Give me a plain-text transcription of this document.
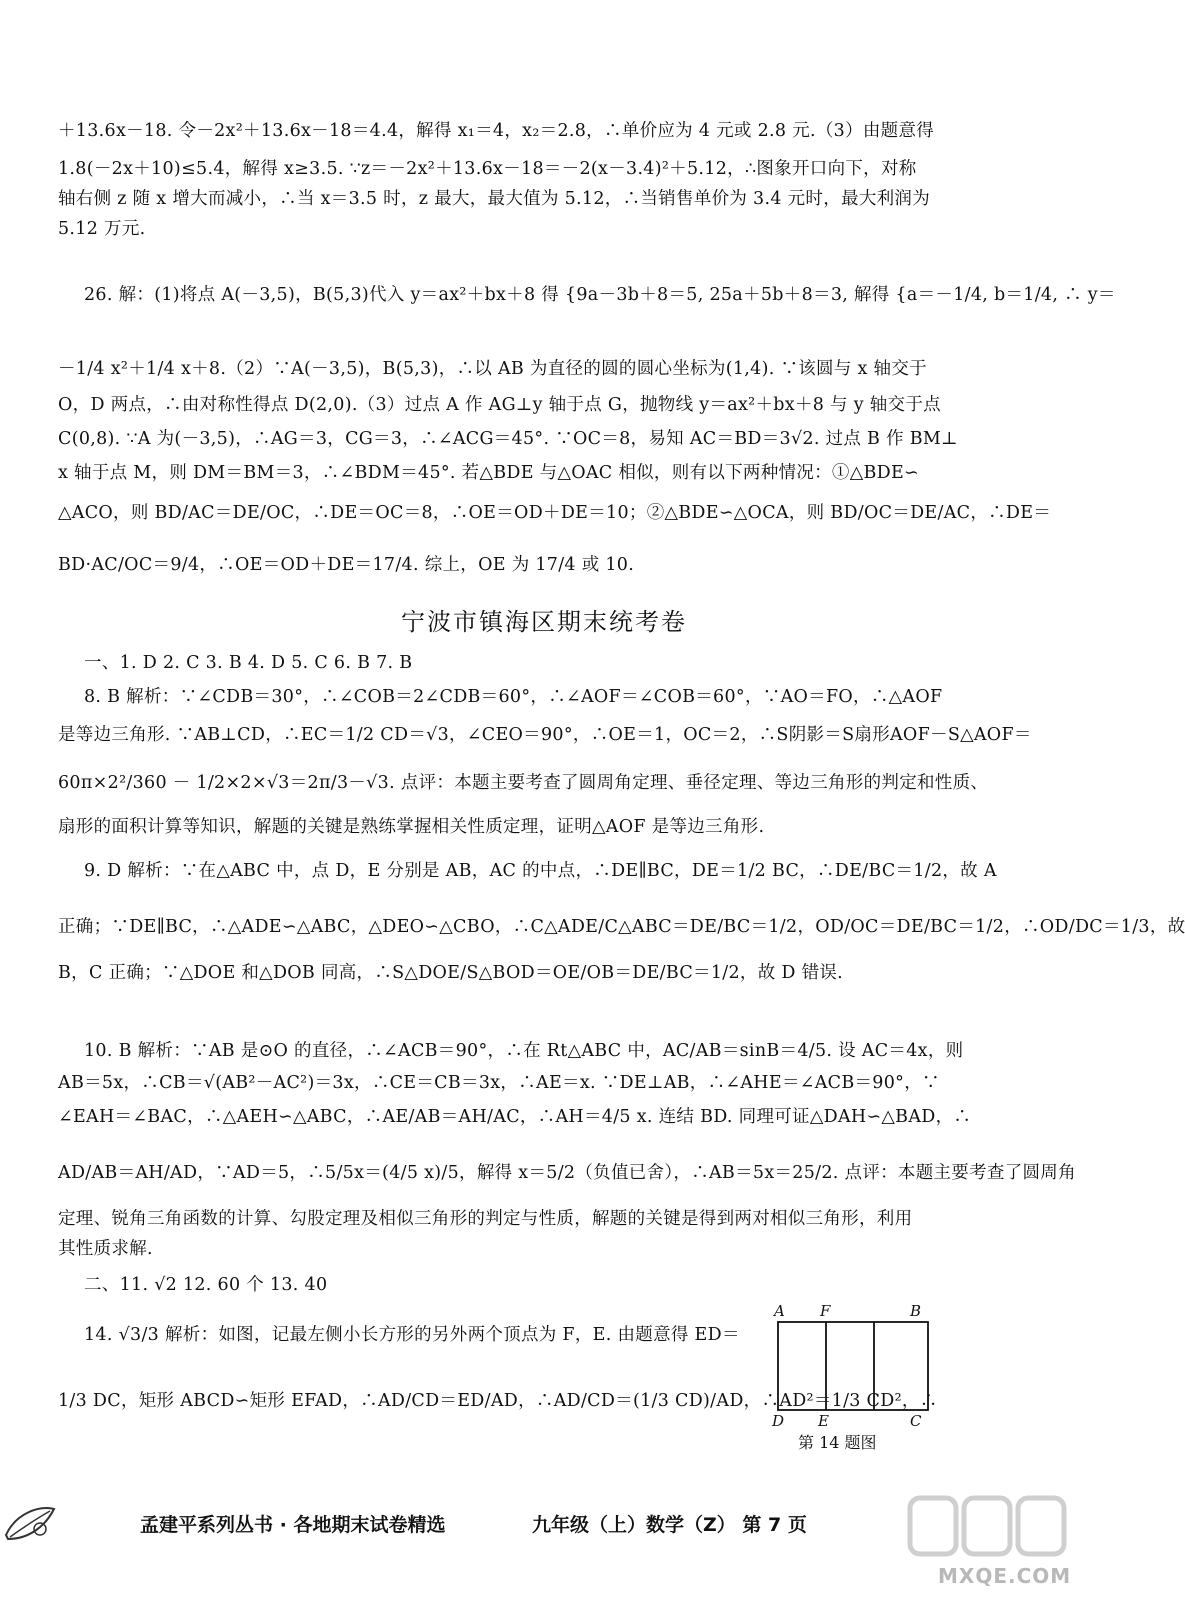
＋13.6x－18. 令－2x²＋13.6x－18＝4.4，解得 x₁＝4，x₂＝2.8，∴单价应为 4 元或 2.8 元.（3）由题意得
1.8(－2x＋10)≤5.4，解得 x≥3.5. ∵z＝－2x²＋13.6x－18＝－2(x－3.4)²＋5.12，∴图象开口向下，对称
轴右侧 z 随 x 增大而减小，∴当 x＝3.5 时，z 最大，最大值为 5.12，∴当销售单价为 3.4 元时，最大利润为
5.12 万元.
26. 解：(1)将点 A(－3,5)，B(5,3)代入 y＝ax²＋bx＋8 得 {9a－3b＋8＝5, 25a＋5b＋8＝3, 解得 {a＝－1/4, b＝1/4, ∴ y＝
－1/4 x²＋1/4 x＋8.（2）∵A(－3,5)，B(5,3)，∴以 AB 为直径的圆的圆心坐标为(1,4). ∵该圆与 x 轴交于
O，D 两点，∴由对称性得点 D(2,0).（3）过点 A 作 AG⊥y 轴于点 G，抛物线 y＝ax²＋bx＋8 与 y 轴交于点
C(0,8). ∵A 为(－3,5)，∴AG＝3，CG＝3，∴∠ACG＝45°. ∵OC＝8，易知 AC＝BD＝3√2. 过点 B 作 BM⊥
x 轴于点 M，则 DM＝BM＝3，∴∠BDM＝45°. 若△BDE 与△OAC 相似，则有以下两种情况：①△BDE∽
△ACO，则 BD/AC＝DE/OC，∴DE＝OC＝8，∴OE＝OD＋DE＝10；②△BDE∽△OCA，则 BD/OC＝DE/AC，∴DE＝
BD·AC/OC＝9/4，∴OE＝OD＋DE＝17/4. 综上，OE 为 17/4 或 10.
宁波市镇海区期末统考卷
一、1. D 2. C 3. B 4. D 5. C 6. B 7. B
8. B 解析：∵∠CDB＝30°，∴∠COB＝2∠CDB＝60°，∴∠AOF＝∠COB＝60°，∵AO＝FO，∴△AOF
是等边三角形. ∵AB⊥CD，∴EC＝1/2 CD＝√3，∠CEO＝90°，∴OE＝1，OC＝2，∴S阴影＝S扇形AOF－S△AOF＝
60π×2²/360 － 1/2×2×√3＝2π/3－√3. 点评：本题主要考查了圆周角定理、垂径定理、等边三角形的判定和性质、
扇形的面积计算等知识，解题的关键是熟练掌握相关性质定理，证明△AOF 是等边三角形.
9. D 解析：∵在△ABC 中，点 D，E 分别是 AB，AC 的中点，∴DE∥BC，DE＝1/2 BC，∴DE/BC＝1/2，故 A
正确；∵DE∥BC，∴△ADE∽△ABC，△DEO∽△CBO，∴C△ADE/C△ABC＝DE/BC＝1/2，OD/OC＝DE/BC＝1/2，∴OD/DC＝1/3，故
B，C 正确；∵△DOE 和△DOB 同高，∴S△DOE/S△BOD＝OE/OB＝DE/BC＝1/2，故 D 错误.
10. B 解析：∵AB 是⊙O 的直径，∴∠ACB＝90°，∴在 Rt△ABC 中，AC/AB＝sinB＝4/5. 设 AC＝4x，则
AB＝5x，∴CB＝√(AB²－AC²)＝3x，∴CE＝CB＝3x，∴AE＝x. ∵DE⊥AB，∴∠AHE＝∠ACB＝90°，∵
∠EAH＝∠BAC，∴△AEH∽△ABC，∴AE/AB＝AH/AC，∴AH＝4/5 x. 连结 BD. 同理可证△DAH∽△BAD，∴
AD/AB＝AH/AD，∵AD＝5，∴5/5x＝(4/5 x)/5，解得 x＝5/2（负值已舍），∴AB＝5x＝25/2. 点评：本题主要考查了圆周角
定理、锐角三角函数的计算、勾股定理及相似三角形的判定与性质，解题的关键是得到两对相似三角形，利用
其性质求解.
二、11. √2 12. 60 个 13. 40
14. √3/3 解析：如图，记最左侧小长方形的另外两个顶点为 F，E. 由题意得 ED＝
1/3 DC，矩形 ABCD∽矩形 EFAD，∴AD/CD＝ED/AD，∴AD/CD＝(1/3 CD)/AD，∴AD²＝1/3 CD²，∴
A F	B
D E	C
第 14 题图
孟建平系列丛书 · 各地期末试卷精选	九年级（上）数学（Z） 第 7 页
MXQE.COM
